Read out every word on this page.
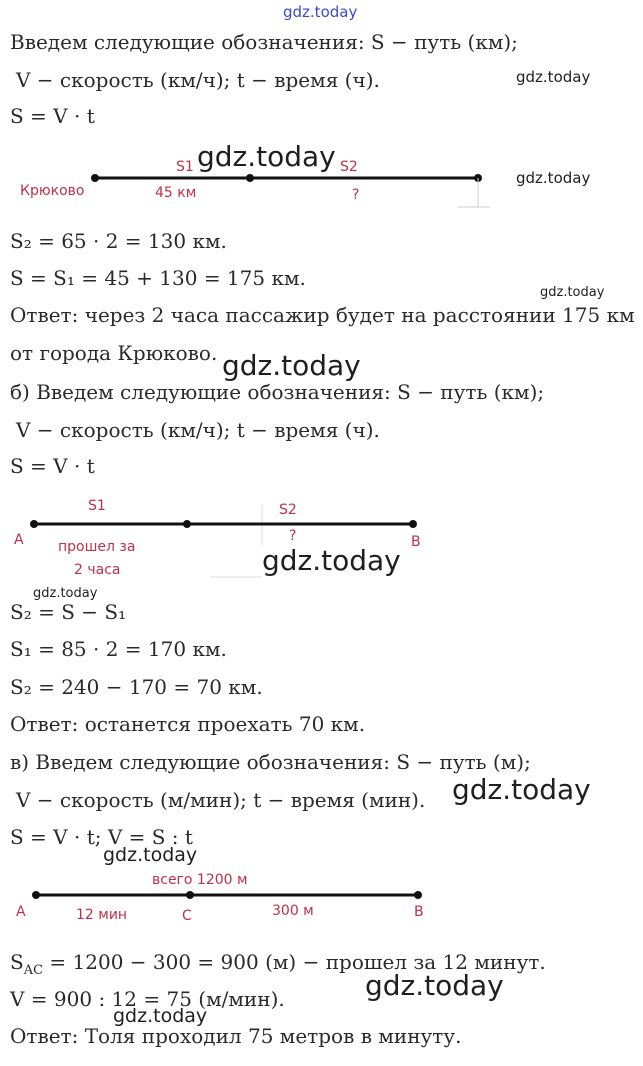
gdz.today
gdz.today
gdz.today
gdz.today
gdz.today
gdz.today
gdz.today
gdz.today
gdz.today
gdz.today
gdz.today
gdz.today
Введем следующие обозначения: S − путь (км);
V − скорость (км/ч); t − время (ч).
S = V · t
Крюково
S1	S2
45 км	?
S₂ = 65 · 2 = 130 км.
S = S₁ = 45 + 130 = 175 км.
Ответ: через 2 часа пассажир будет на расстоянии 175 км
от города Крюково.
б) Введем следующие обозначения: S − путь (км);
V − скорость (км/ч); t − время (ч).
S = V · t
A	B
S1	S2
?
прошел за
2 часа
S₂ = S − S₁
S₁ = 85 · 2 = 170 км.
S₂ = 240 − 170 = 70 км.
Ответ: останется проехать 70 км.
в) Введем следующие обозначения: S − путь (м);
V − скорость (м/мин); t − время (мин).
S = V · t; V = S : t
A	C	B
всего 1200 м
12 мин	300 м
$S_{AC} = 1200 - 300 = 900$ (м) − прошел за 12 минут.
V = 900 : 12 = 75 (м/мин).
Ответ: Толя проходил 75 метров в минуту.
